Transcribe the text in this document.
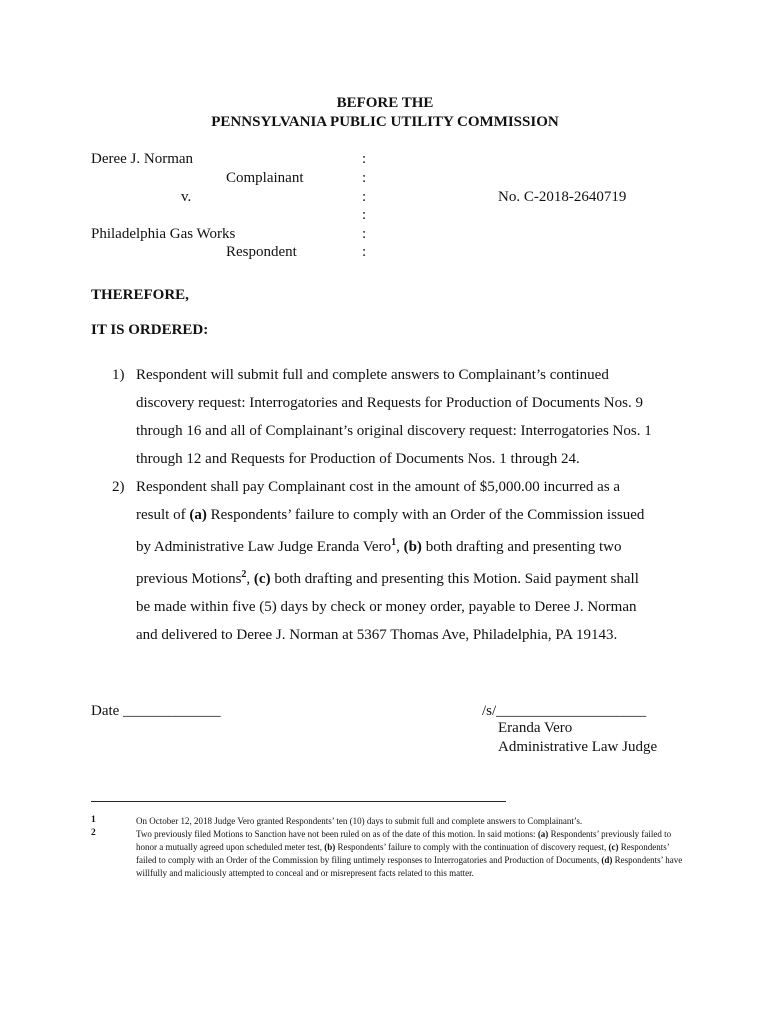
BEFORE THE
PENNSYLVANIA PUBLIC UTILITY COMMISSION
Deree J. Norman
Complainant
v.
Philadelphia Gas Works
Respondent
:
:
:
:
:
:
No. C-2018-2640719
THEREFORE,
IT IS ORDERED:
1) Respondent will submit full and complete answers to Complainant’s continued
discovery request: Interrogatories and Requests for Production of Documents Nos. 9
through 16 and all of Complainant’s original discovery request: Interrogatories Nos. 1
through 12 and Requests for Production of Documents Nos. 1 through 24.
2) Respondent shall pay Complainant cost in the amount of $5,000.00 incurred as a
result of (a) Respondents’ failure to comply with an Order of the Commission issued
by Administrative Law Judge Eranda Vero$^1$, (b) both drafting and presenting two
previous Motions$^2$, (c) both drafting and presenting this Motion. Said payment shall
be made within five (5) days by check or money order, payable to Deree J. Norman
and delivered to Deree J. Norman at 5367 Thomas Ave, Philadelphia, PA 19143.
Date _____________	/s/____________________
Eranda Vero
Administrative Law Judge
1
2
On October 12, 2018 Judge Vero granted Respondents’ ten (10) days to submit full and complete answers to Complainant’s.
Two previously filed Motions to Sanction have not been ruled on as of the date of this motion. In said motions: (a) Respondents’ previously failed to honor a mutually agreed upon scheduled meter test, (b) Respondents’ failure to comply with the continuation of discovery request, (c) Respondents’ failed to comply with an Order of the Commission by filing untimely responses to Interrogatories and Production of Documents, (d) Respondents’ have willfully and maliciously attempted to conceal and or misrepresent facts related to this matter.
